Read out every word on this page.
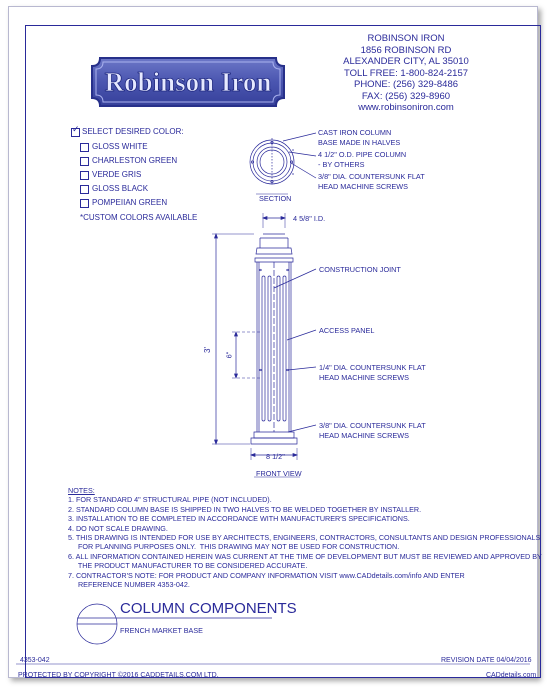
Robinson Iron
ROBINSON IRON
1856 ROBINSON RD
ALEXANDER CITY, AL 35010
TOLL FREE: 1-800-824-2157
PHONE: (256) 329-8486
FAX: (256) 329-8960
www.robinsoniron.com
✓ SELECT DESIRED COLOR:
GLOSS WHITE
CHARLESTON GREEN
VERDE GRIS
GLOSS BLACK
POMPEIIAN GREEN
*CUSTOM COLORS AVAILABLE
CAST IRON COLUMN
BASE MADE IN HALVES
4 1/2" O.D. PIPE COLUMN
- BY OTHERS
3/8" DIA. COUNTERSUNK FLAT
HEAD MACHINE SCREWS
SECTION
4 5/8" I.D.
3'
6"
8 1/2"
FRONT VIEW
CONSTRUCTION JOINT
ACCESS PANEL
1/4" DIA. COUNTERSUNK FLAT
HEAD MACHINE SCREWS
3/8" DIA. COUNTERSUNK FLAT
HEAD MACHINE SCREWS
NOTES:
1. FOR STANDARD 4" STRUCTURAL PIPE (NOT INCLUDED).
2. STANDARD COLUMN BASE IS SHIPPED IN TWO HALVES TO BE WELDED TOGETHER BY INSTALLER.
3. INSTALLATION TO BE COMPLETED IN ACCORDANCE WITH MANUFACTURER'S SPECIFICATIONS.
4. DO NOT SCALE DRAWING.
5. THIS DRAWING IS INTENDED FOR USE BY ARCHITECTS, ENGINEERS, CONTRACTORS, CONSULTANTS AND DESIGN PROFESSIONALS
FOR PLANNING PURPOSES ONLY.  THIS DRAWING MAY NOT BE USED FOR CONSTRUCTION.
6. ALL INFORMATION CONTAINED HEREIN WAS CURRENT AT THE TIME OF DEVELOPMENT BUT MUST BE REVIEWED AND APPROVED BY
THE PRODUCT MANUFACTURER TO BE CONSIDERED ACCURATE.
7. CONTRACTOR'S NOTE: FOR PRODUCT AND COMPANY INFORMATION VISIT www.CADdetails.com/info AND ENTER
REFERENCE NUMBER 4353-042.
COLUMN COMPONENTS
FRENCH MARKET BASE
4353-042	REVISION DATE 04/04/2016
PROTECTED BY COPYRIGHT ©2016 CADDETAILS.COM LTD.	CADdetails.com
